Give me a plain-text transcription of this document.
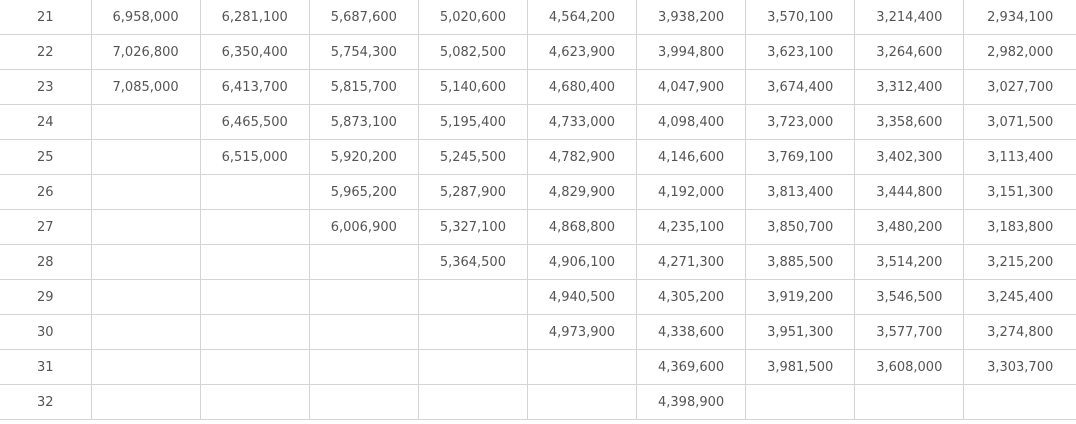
21	6,958,000	6,281,100	5,687,600	5,020,600	4,564,200	3,938,200	3,570,100	3,214,400	2,934,100
22	7,026,800	6,350,400	5,754,300	5,082,500	4,623,900	3,994,800	3,623,100	3,264,600	2,982,000
23	7,085,000	6,413,700	5,815,700	5,140,600	4,680,400	4,047,900	3,674,400	3,312,400	3,027,700
24		6,465,500	5,873,100	5,195,400	4,733,000	4,098,400	3,723,000	3,358,600	3,071,500
25		6,515,000	5,920,200	5,245,500	4,782,900	4,146,600	3,769,100	3,402,300	3,113,400
26			5,965,200	5,287,900	4,829,900	4,192,000	3,813,400	3,444,800	3,151,300
27			6,006,900	5,327,100	4,868,800	4,235,100	3,850,700	3,480,200	3,183,800
28				5,364,500	4,906,100	4,271,300	3,885,500	3,514,200	3,215,200
29					4,940,500	4,305,200	3,919,200	3,546,500	3,245,400
30					4,973,900	4,338,600	3,951,300	3,577,700	3,274,800
31						4,369,600	3,981,500	3,608,000	3,303,700
32						4,398,900			
